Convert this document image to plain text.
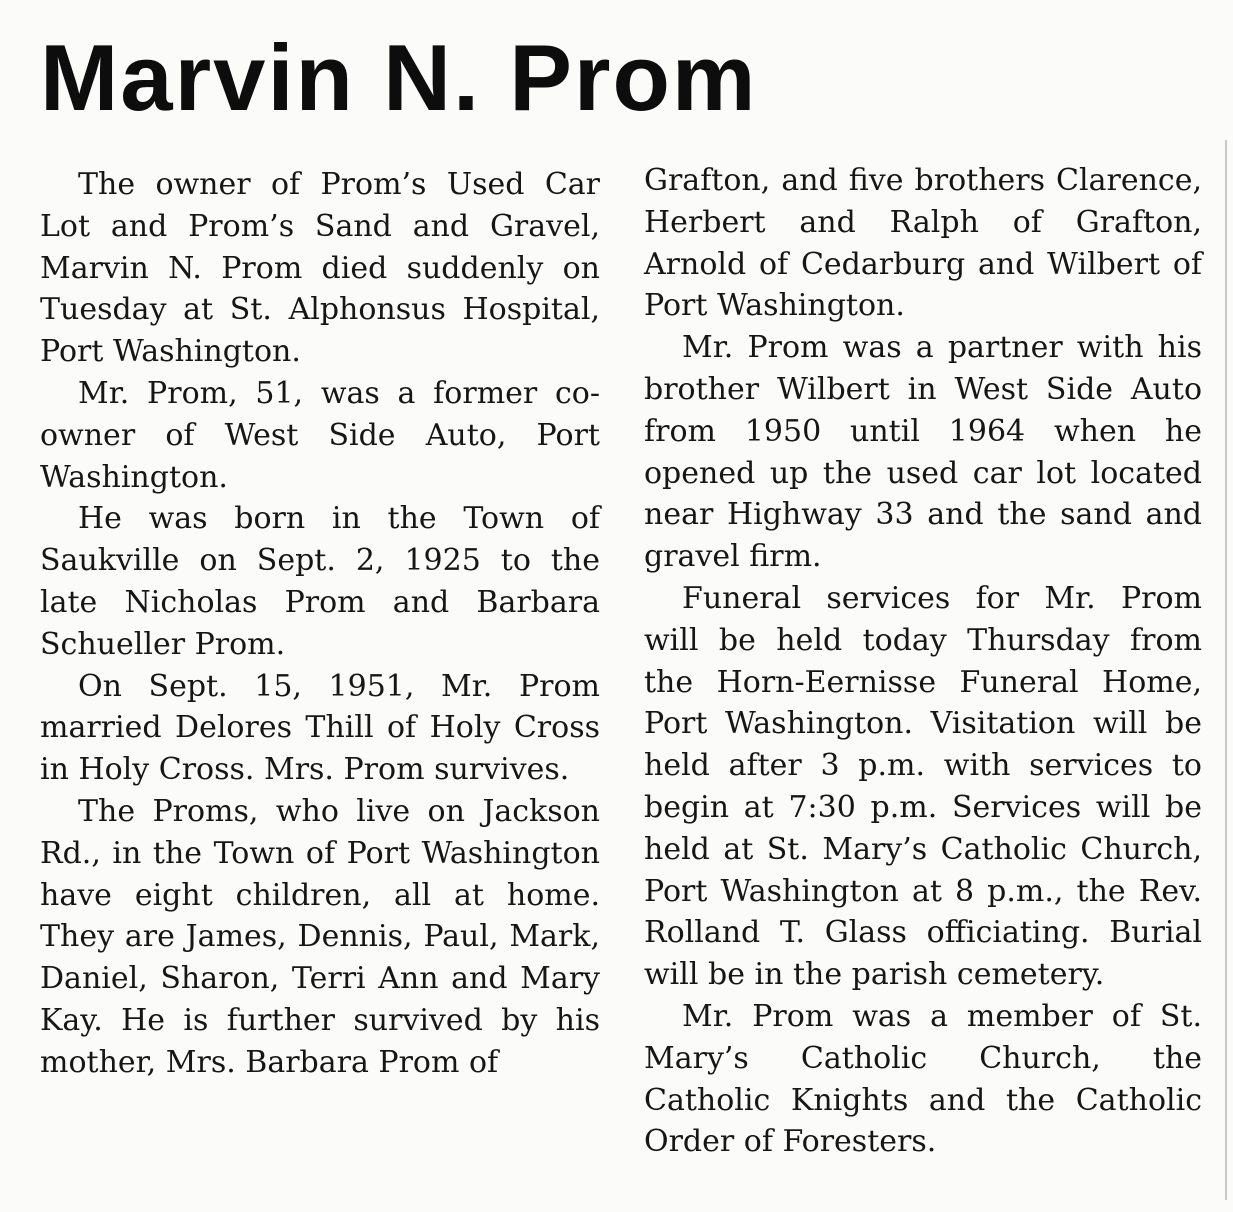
Marvin N. Prom

The owner of Prom’s Used Car Lot and Prom’s Sand and Gravel, Marvin N. Prom died suddenly on Tuesday at St. Alphonsus Hospital, Port Washington.

Mr. Prom, 51, was a former co-owner of West Side Auto, Port Washington.

He was born in the Town of Saukville on Sept. 2, 1925 to the late Nicholas Prom and Barbara Schueller Prom.

On Sept. 15, 1951, Mr. Prom married Delores Thill of Holy Cross in Holy Cross. Mrs. Prom survives.

The Proms, who live on Jackson Rd., in the Town of Port Washington have eight children, all at home. They are James, Dennis, Paul, Mark, Daniel, Sharon, Terri Ann and Mary Kay. He is further survived by his mother, Mrs. Barbara Prom of

Grafton, and five brothers Clarence, Herbert and Ralph of Grafton, Arnold of Cedarburg and Wilbert of Port Washington.

Mr. Prom was a partner with his brother Wilbert in West Side Auto from 1950 until 1964 when he opened up the used car lot located near Highway 33 and the sand and gravel firm.

Funeral services for Mr. Prom will be held today Thursday from the Horn-Eernisse Funeral Home, Port Washington. Visitation will be held after 3 p.m. with services to begin at 7:30 p.m. Services will be held at St. Mary’s Catholic Church, Port Washington at 8 p.m., the Rev. Rolland T. Glass officiating. Burial will be in the parish cemetery.

Mr. Prom was a member of St. Mary’s Catholic Church, the Catholic Knights and the Catholic Order of Foresters.
